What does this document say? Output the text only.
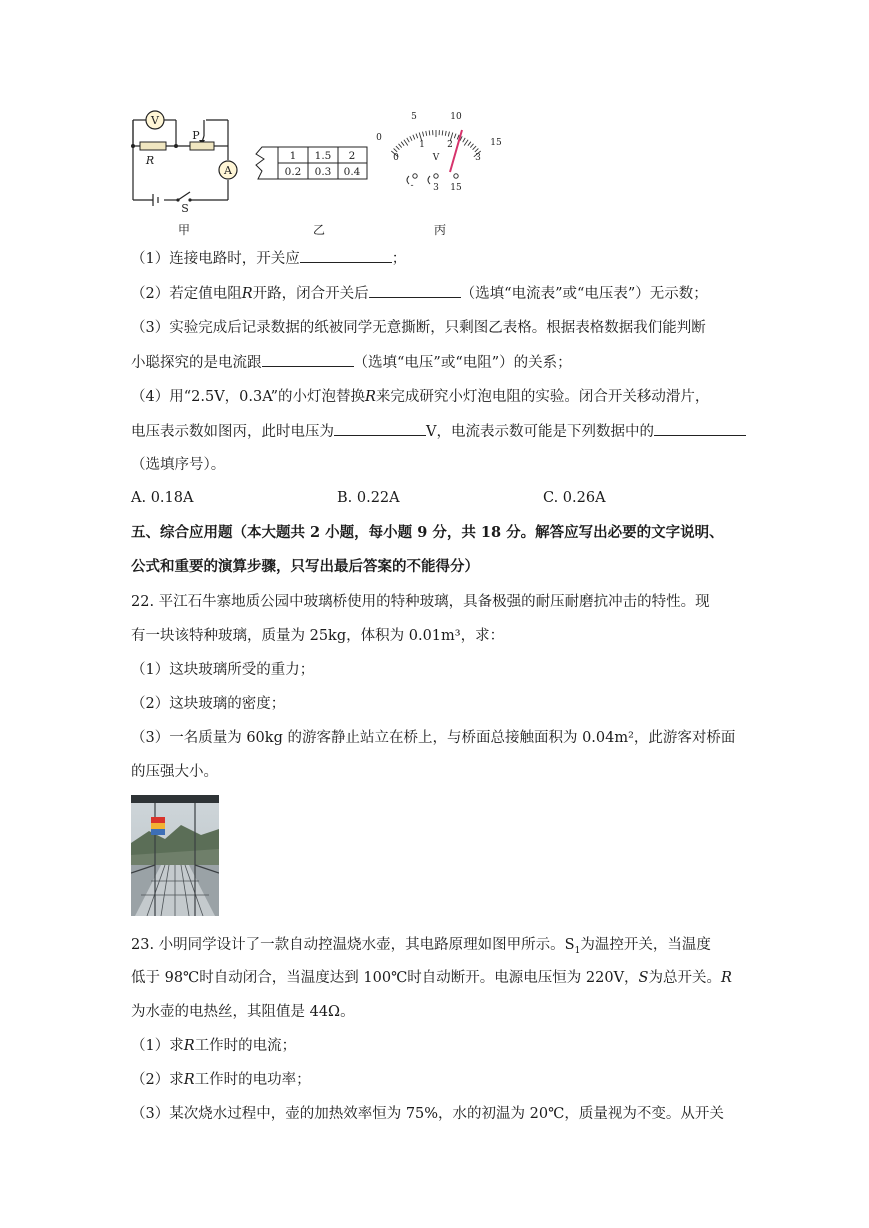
V
A
R
P
S
1 1.5 2
0.2 0.3 0.4
5	10
15
0
0
1 2
3
V
- 3 15
甲	乙	丙
（1）连接电路时，开关应	；
（2）若定值电阻R开路，闭合开关后	（选填“电流表”或“电压表”）无示数；
（3）实验完成后记录数据的纸被同学无意撕断，只剩图乙表格。根据表格数据我们能判断
小聪探究的是电流跟	（选填“电压”或“电阻”）的关系；
（4）用“2.5V，0.3A”的小灯泡替换R来完成研究小灯泡电阻的实验。闭合开关移动滑片，
电压表示数如图丙，此时电压为	V，电流表示数可能是下列数据中的
（选填序号）。
A. 0.18A	B. 0.22A	C. 0.26A
五、综合应用题（本大题共 2 小题，每小题 9 分，共 18 分。解答应写出必要的文字说明、
公式和重要的演算步骤，只写出最后答案的不能得分）
22. 平江石牛寨地质公园中玻璃桥使用的特种玻璃，具备极强的耐压耐磨抗冲击的特性。现
有一块该特种玻璃，质量为 25kg，体积为 0.01m³，求：
（1）这块玻璃所受的重力；
（2）这块玻璃的密度；
（3）一名质量为 60kg 的游客静止站立在桥上，与桥面总接触面积为 0.04m²，此游客对桥面
的压强大小。
23. 小明同学设计了一款自动控温烧水壶，其电路原理如图甲所示。$S_1$为温控开关，当温度
低于 98℃时自动闭合，当温度达到 100℃时自动断开。电源电压恒为 220V，S为总开关。R
为水壶的电热丝，其阻值是 44Ω。
（1）求R工作时的电流；
（2）求R工作时的电功率；
（3）某次烧水过程中，壶的加热效率恒为 75%，水的初温为 20℃，质量视为不变。从开关
